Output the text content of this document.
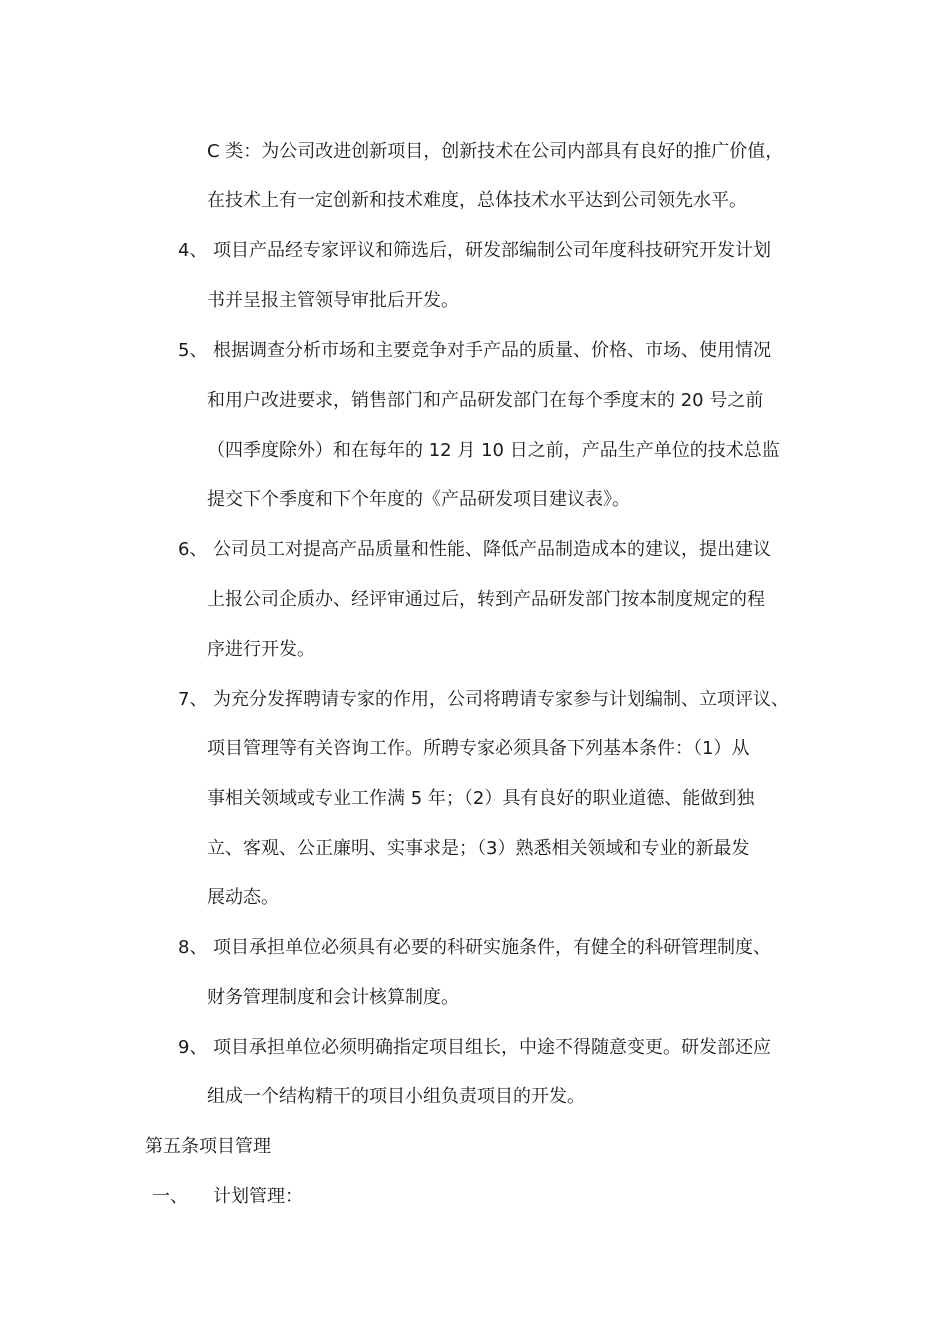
C 类：为公司改进创新项目，创新技术在公司内部具有良好的推广价值，
在技术上有一定创新和技术难度，总体技术水平达到公司领先水平。
4、 项目产品经专家评议和筛选后，研发部编制公司年度科技研究开发计划
书并呈报主管领导审批后开发。
5、 根据调查分析市场和主要竞争对手产品的质量、价格、市场、使用情况
和用户改进要求，销售部门和产品研发部门在每个季度末的 20 号之前
（四季度除外）和在每年的 12 月 10 日之前，产品生产单位的技术总监
提交下个季度和下个年度的《产品研发项目建议表》。
6、 公司员工对提高产品质量和性能、降低产品制造成本的建议，提出建议
上报公司企质办、经评审通过后，转到产品研发部门按本制度规定的程
序进行开发。
7、 为充分发挥聘请专家的作用，公司将聘请专家参与计划编制、立项评议、
项目管理等有关咨询工作。所聘专家必须具备下列基本条件：（1）从
事相关领域或专业工作满 5 年；（2）具有良好的职业道德、能做到独
立、客观、公正廉明、实事求是；（3）熟悉相关领域和专业的新最发
展动态。
8、 项目承担单位必须具有必要的科研实施条件，有健全的科研管理制度、
财务管理制度和会计核算制度。
9、 项目承担单位必须明确指定项目组长，中途不得随意变更。研发部还应
组成一个结构精干的项目小组负责项目的开发。
第五条项目管理
一、 计划管理：
